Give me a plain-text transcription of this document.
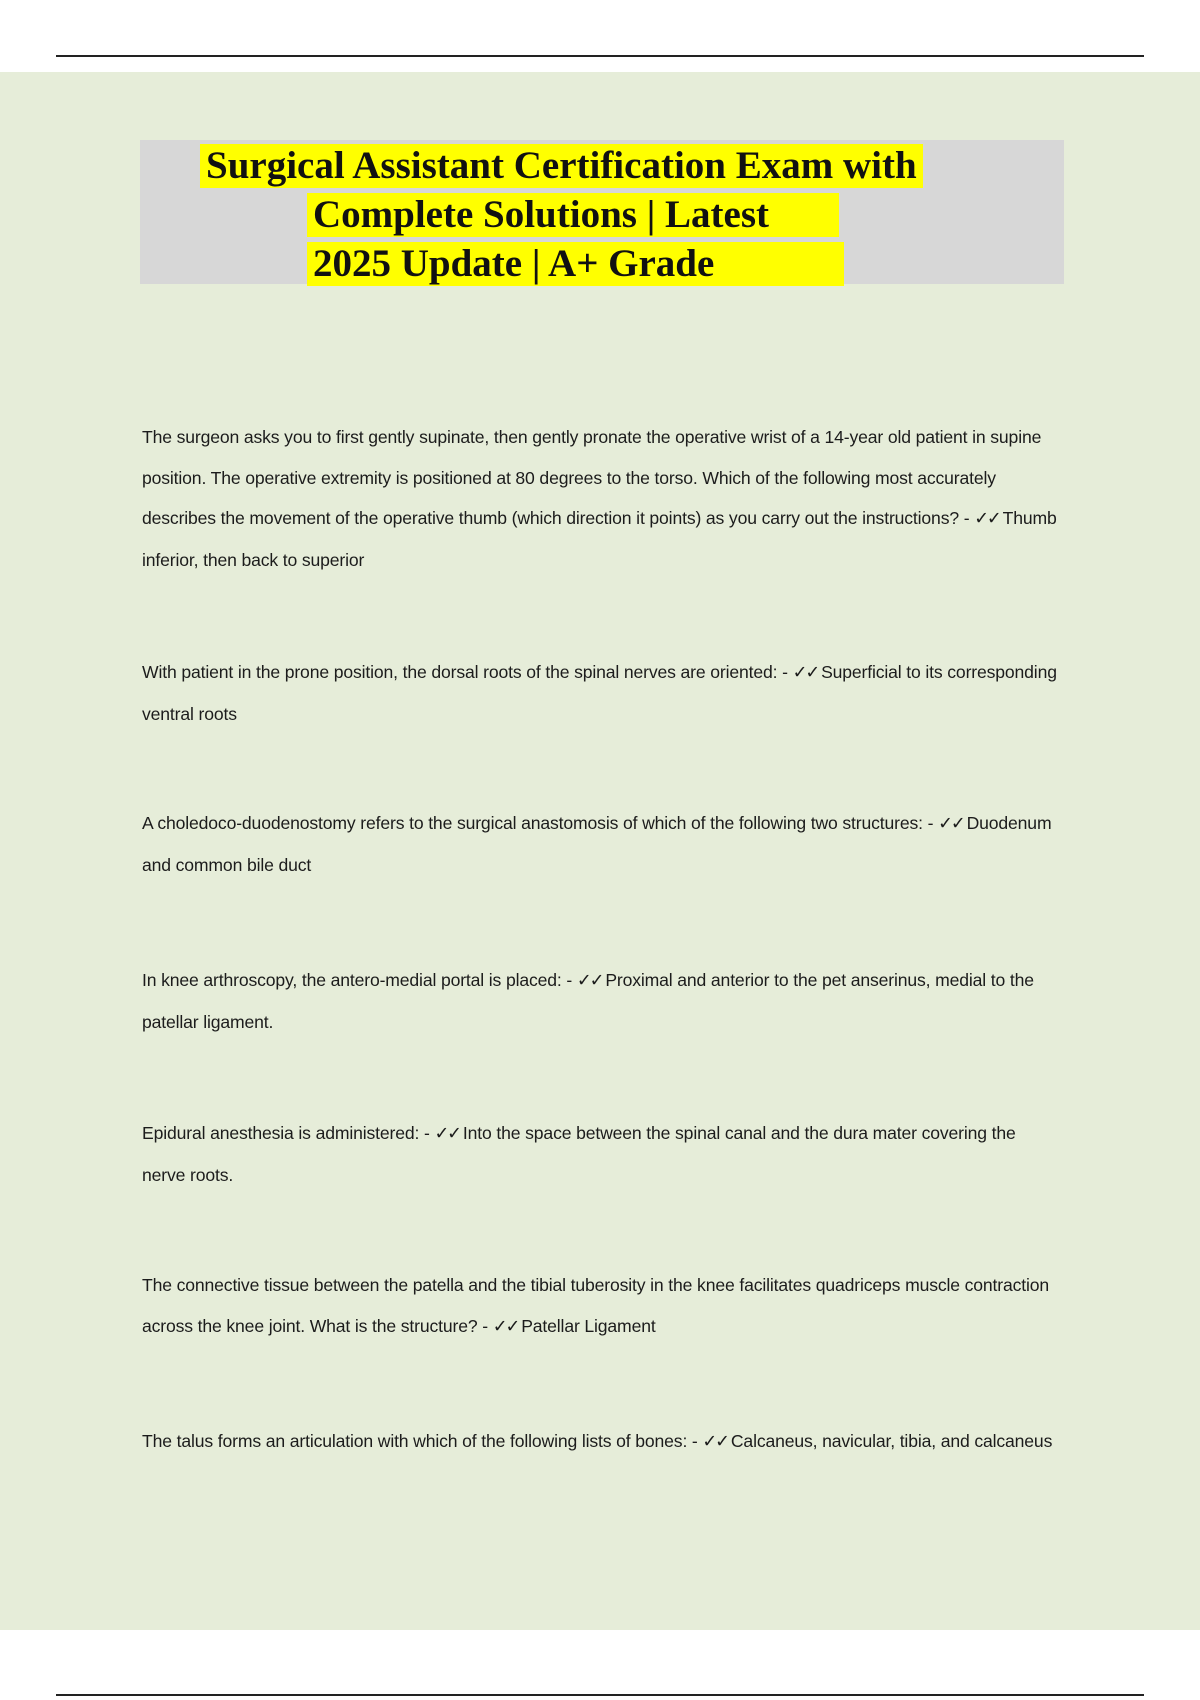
Surgical Assistant Certification Exam with
Complete Solutions | Latest
2025 Update | A+ Grade
The surgeon asks you to first gently supinate, then gently pronate the operative wrist of a 14-year old patient in supine position. The operative extremity is positioned at 80 degrees to the torso. Which of the following most accurately describes the movement of the operative thumb (which direction it points) as you carry out the instructions? - ✓✓ Thumb inferior, then back to superior
With patient in the prone position, the dorsal roots of the spinal nerves are oriented: - ✓✓ Superficial to its corresponding ventral roots
A choledoco-duodenostomy refers to the surgical anastomosis of which of the following two structures: - ✓✓ Duodenum and common bile duct
In knee arthroscopy, the antero-medial portal is placed: - ✓✓ Proximal and anterior to the pet anserinus, medial to the patellar ligament.
Epidural anesthesia is administered: - ✓✓ Into the space between the spinal canal and the dura mater covering the nerve roots.
The connective tissue between the patella and the tibial tuberosity in the knee facilitates quadriceps muscle contraction across the knee joint. What is the structure? - ✓✓ Patellar Ligament
The talus forms an articulation with which of the following lists of bones: - ✓✓ Calcaneus, navicular, tibia, and calcaneus
